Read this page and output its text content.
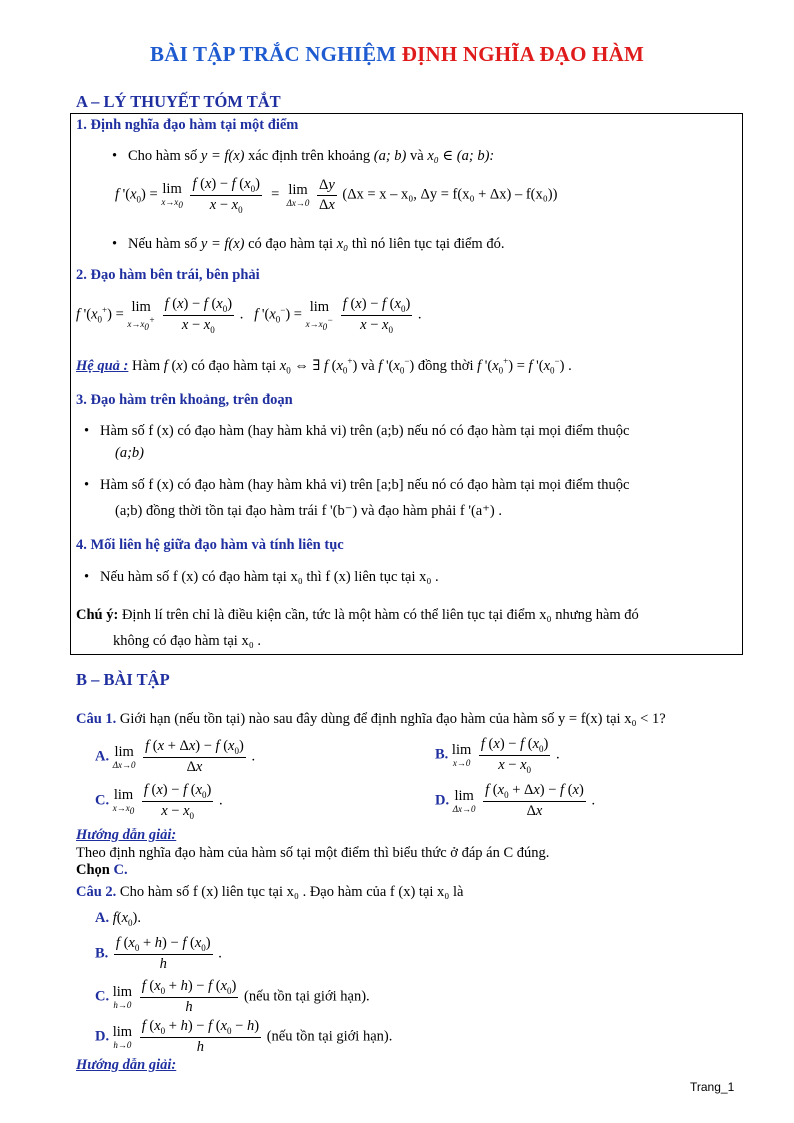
BÀI TẬP TRẮC NGHIỆM ĐỊNH NGHĨA ĐẠO HÀM
A – LÝ THUYẾT TÓM TẮT
1. Định nghĩa đạo hàm tại một điểm
• Cho hàm số y = f(x) xác định trên khoảng (a; b) và x₀ ∈ (a; b):
f '$(x_0) = \lim$
$x\to x_0$
$\frac{f (x) - f (x_0)}{x - x_0} = \lim$
Δx→0
$\frac{\Delta y}{\Delta x} (\Delta x = x - x_0$, Δy = f(x₀ + Δx) – f(x₀))
• Nếu hàm số y = f(x) có đạo hàm tại x₀ thì nó liên tục tại điểm đó.
2. Đạo hàm bên trái, bên phải
f '$(x_0^+) = \lim$
$x\to x_0^+$
$\frac{f (x) - f (x_0)}{x - x_0}$ .   f '$(x_0^-) = \lim$
$x\to x_0^-$
$\frac{f (x) - f (x_0)}{x - x_0}$ .
Hệ quả : Hàm f (x) có đạo hàm tại $x_0$ ⇔ ∃ f $(x_0^+)$ và f '$(x_0^-)$ đồng thời f '$(x_0^+) = f$ '$(x_0^-)$ .
3. Đạo hàm trên khoảng, trên đoạn
• Hàm số f (x) có đạo hàm (hay hàm khả vi) trên (a;b) nếu nó có đạo hàm tại mọi điểm thuộc
(a;b)
• Hàm số f (x) có đạo hàm (hay hàm khả vi) trên [a;b] nếu nó có đạo hàm tại mọi điểm thuộc
(a;b) đồng thời tồn tại đạo hàm trái f '(b⁻) và đạo hàm phải f '(a⁺) .
4. Mối liên hệ giữa đạo hàm và tính liên tục
• Nếu hàm số f (x) có đạo hàm tại x₀ thì f (x) liên tục tại x₀ .
Chú ý: Định lí trên chỉ là điều kiện cần, tức là một hàm có thể liên tục tại điểm x₀ nhưng hàm đó
không có đạo hàm tại x₀ .
B – BÀI TẬP
Câu 1. Giới hạn (nếu tồn tại) nào sau đây dùng để định nghĩa đạo hàm của hàm số y = f(x) tại x₀ < 1?
A. lim
Δx→0
$\frac{f (x + \Delta x) - f (x_0)}{\Delta x}$ .	B. lim
x→0
$\frac{f (x) - f (x_0)}{x - x_0}$ .
C. lim
$x\to x_0$
$\frac{f (x) - f (x_0)}{x - x_0}$ .	D. lim
Δx→0
$\frac{f (x_0 + \Delta x) - f (x)}{\Delta x}$ .
Hướng dẫn giải:
Theo định nghĩa đạo hàm của hàm số tại một điểm thì biểu thức ở đáp án C đúng.
Chọn C.
Câu 2. Cho hàm số f (x) liên tục tại x₀ . Đạo hàm của f (x) tại x₀ là
A. $f(x_0)$.
B. $\frac{f (x_0 + h) - f (x_0)}{h}$ .
C. lim
h→0
$\frac{f (x_0 + h) - f (x_0)}{h}$ (nếu tồn tại giới hạn).
D. lim
h→0
$\frac{f (x_0 + h) - f (x_0 - h)}{h}$ (nếu tồn tại giới hạn).
Hướng dẫn giải:
Trang_1
